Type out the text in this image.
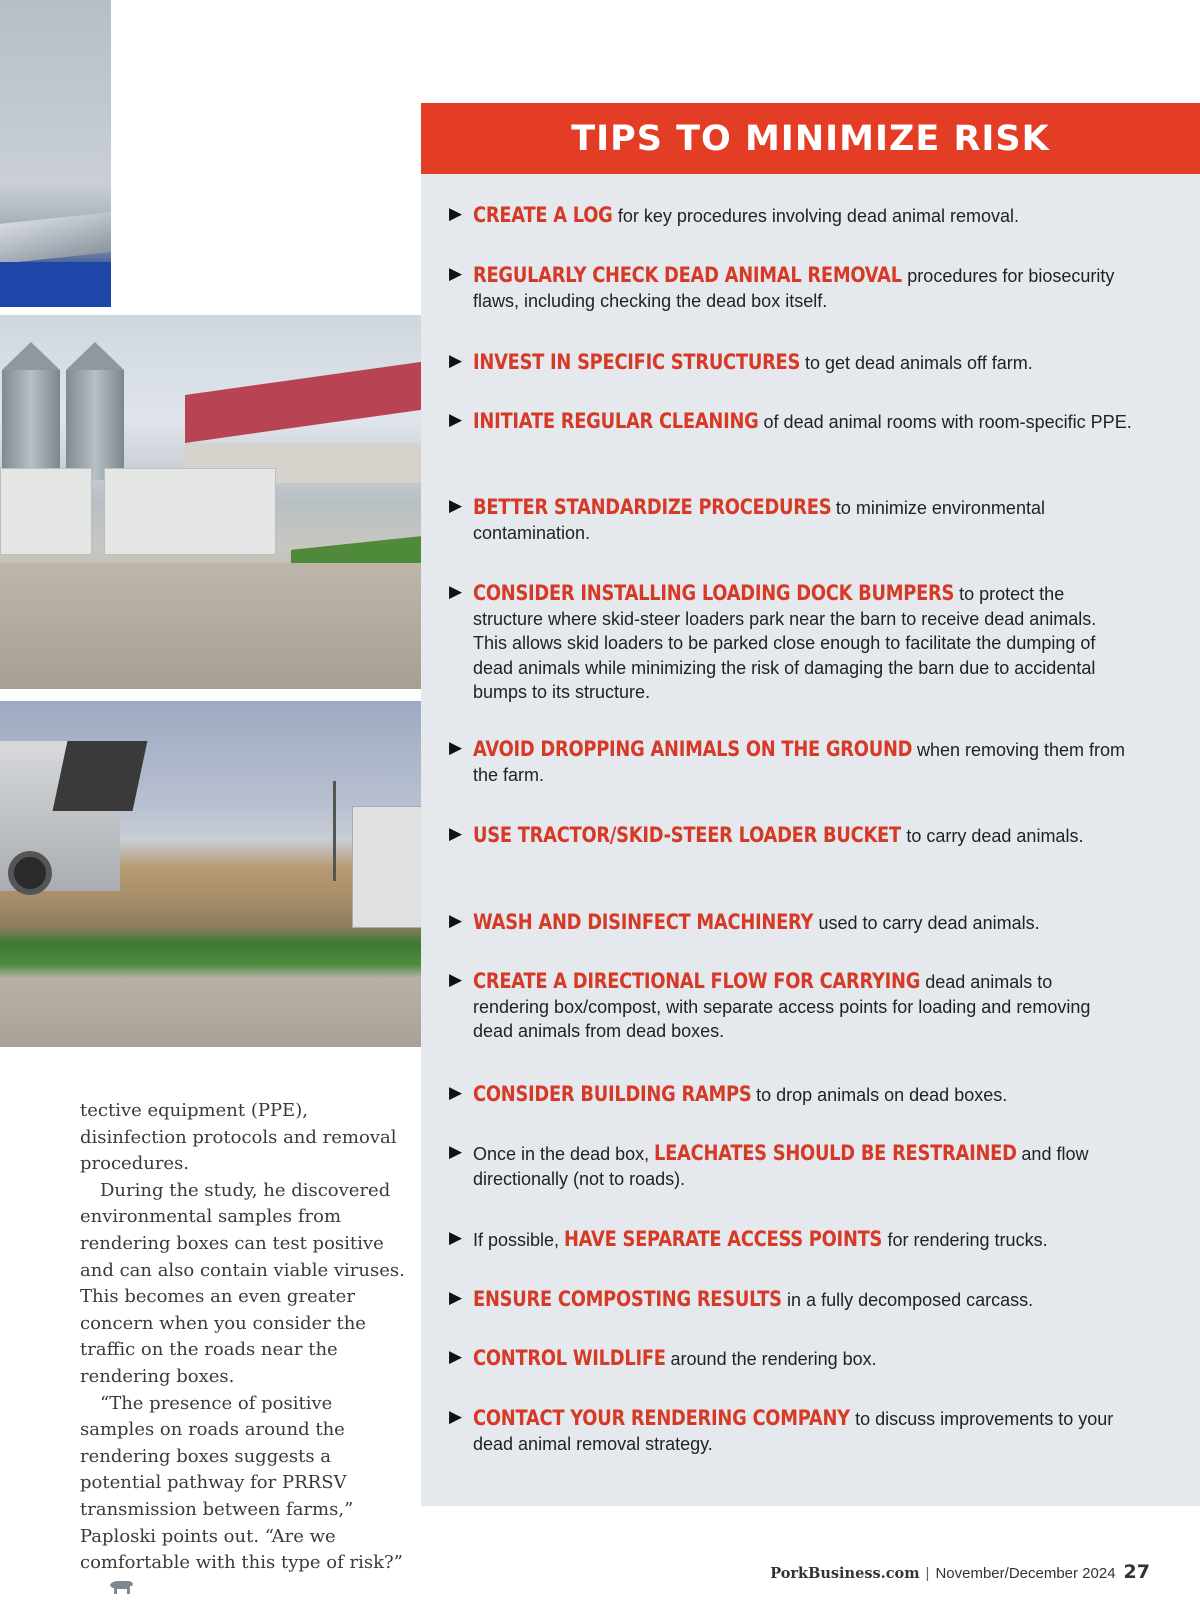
TIPS TO MINIMIZE RISK
▶ CREATE A LOG for key procedures involving dead animal removal.
▶ REGULARLY CHECK DEAD ANIMAL REMOVAL procedures for biosecurity flaws, including checking the dead box itself.
▶ INVEST IN SPECIFIC STRUCTURES to get dead animals off farm.
▶ INITIATE REGULAR CLEANING of dead animal rooms with room-specific PPE.
▶ BETTER STANDARDIZE PROCEDURES to minimize environmental contamination.
▶ CONSIDER INSTALLING LOADING DOCK BUMPERS to protect the structure where skid-steer loaders park near the barn to receive dead animals. This allows skid loaders to be parked close enough to facilitate the dumping of dead animals while minimizing the risk of damaging the barn due to accidental bumps to its structure.
▶ AVOID DROPPING ANIMALS ON THE GROUND when removing them from the farm.
▶ USE TRACTOR/SKID-STEER LOADER BUCKET to carry dead animals.
▶ WASH AND DISINFECT MACHINERY used to carry dead animals.
▶ CREATE A DIRECTIONAL FLOW FOR CARRYING dead animals to rendering box/compost, with separate access points for loading and removing dead animals from dead boxes.
▶ CONSIDER BUILDING RAMPS to drop animals on dead boxes.
▶ Once in the dead box, LEACHATES SHOULD BE RESTRAINED and flow directionally (not to roads).
▶ If possible, HAVE SEPARATE ACCESS POINTS for rendering trucks.
▶ ENSURE COMPOSTING RESULTS in a fully decomposed carcass.
▶ CONTROL WILDLIFE around the rendering box.
▶ CONTACT YOUR RENDERING COMPANY to discuss improvements to your dead animal removal strategy.

tective equipment (PPE), disinfection protocols and removal procedures.

During the study, he discovered environmental samples from rendering boxes can test positive and can also contain viable viruses. This becomes an even greater concern when you consider the traffic on the roads near the rendering boxes.

“The presence of positive samples on roads around the rendering boxes suggests a potential pathway for PRRSV transmission between farms,” Paploski points out. “Are we comfortable with this type of risk?”

PorkBusiness.com | November/December 2024 27
